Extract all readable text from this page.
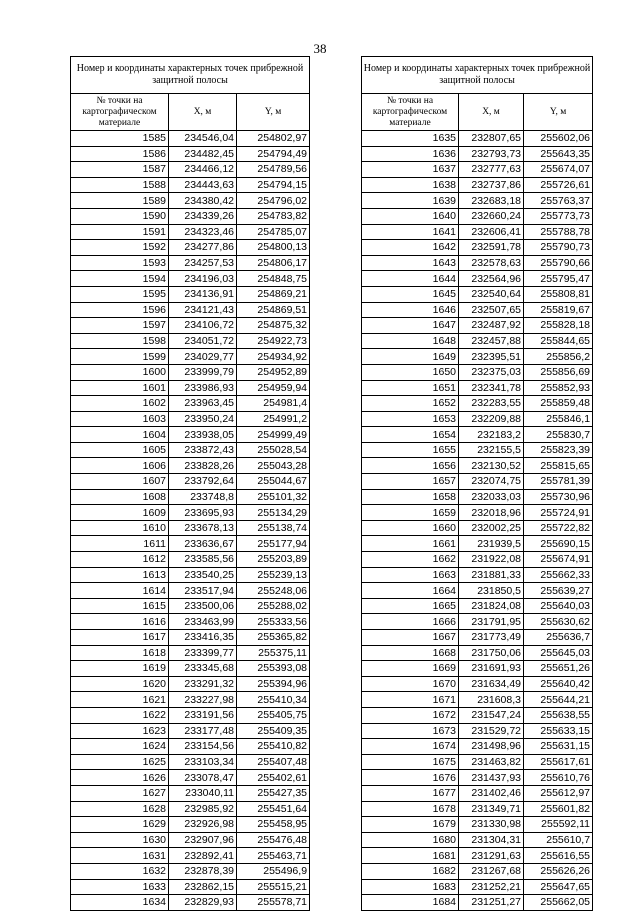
38
Номер и координаты характерных точек прибрежной защитной полосы		
№ точки на картографическом материале	X, м	Y, м
1585	234546,04	254802,97
1586	234482,45	254794,49
1587	234466,12	254789,56
1588	234443,63	254794,15
1589	234380,42	254796,02
1590	234339,26	254783,82
1591	234323,46	254785,07
1592	234277,86	254800,13
1593	234257,53	254806,17
1594	234196,03	254848,75
1595	234136,91	254869,21
1596	234121,43	254869,51
1597	234106,72	254875,32
1598	234051,72	254922,73
1599	234029,77	254934,92
1600	233999,79	254952,89
1601	233986,93	254959,94
1602	233963,45	254981,4
1603	233950,24	254991,2
1604	233938,05	254999,49
1605	233872,43	255028,54
1606	233828,26	255043,28
1607	233792,64	255044,67
1608	233748,8	255101,32
1609	233695,93	255134,29
1610	233678,13	255138,74
1611	233636,67	255177,94
1612	233585,56	255203,89
1613	233540,25	255239,13
1614	233517,94	255248,06
1615	233500,06	255288,02
1616	233463,99	255333,56
1617	233416,35	255365,82
1618	233399,77	255375,11
1619	233345,68	255393,08
1620	233291,32	255394,96
1621	233227,98	255410,34
1622	233191,56	255405,75
1623	233177,48	255409,35
1624	233154,56	255410,82
1625	233103,34	255407,48
1626	233078,47	255402,61
1627	233040,11	255427,35
1628	232985,92	255451,64
1629	232926,98	255458,95
1630	232907,96	255476,48
1631	232892,41	255463,71
1632	232878,39	255496,9
1633	232862,15	255515,21
1634	232829,93	255578,71
Номер и координаты характерных точек прибрежной защитной полосы		
№ точки на картографическом материале	X, м	Y, м
1635	232807,65	255602,06
1636	232793,73	255643,35
1637	232777,63	255674,07
1638	232737,86	255726,61
1639	232683,18	255763,37
1640	232660,24	255773,73
1641	232606,41	255788,78
1642	232591,78	255790,73
1643	232578,63	255790,66
1644	232564,96	255795,47
1645	232540,64	255808,81
1646	232507,65	255819,67
1647	232487,92	255828,18
1648	232457,88	255844,65
1649	232395,51	255856,2
1650	232375,03	255856,69
1651	232341,78	255852,93
1652	232283,55	255859,48
1653	232209,88	255846,1
1654	232183,2	255830,7
1655	232155,5	255823,39
1656	232130,52	255815,65
1657	232074,75	255781,39
1658	232033,03	255730,96
1659	232018,96	255724,91
1660	232002,25	255722,82
1661	231939,5	255690,15
1662	231922,08	255674,91
1663	231881,33	255662,33
1664	231850,5	255639,27
1665	231824,08	255640,03
1666	231791,95	255630,62
1667	231773,49	255636,7
1668	231750,06	255645,03
1669	231691,93	255651,26
1670	231634,49	255640,42
1671	231608,3	255644,21
1672	231547,24	255638,55
1673	231529,72	255633,15
1674	231498,96	255631,15
1675	231463,82	255617,61
1676	231437,93	255610,76
1677	231402,46	255612,97
1678	231349,71	255601,82
1679	231330,98	255592,11
1680	231304,31	255610,7
1681	231291,63	255616,55
1682	231267,68	255626,26
1683	231252,21	255647,65
1684	231251,27	255662,05
